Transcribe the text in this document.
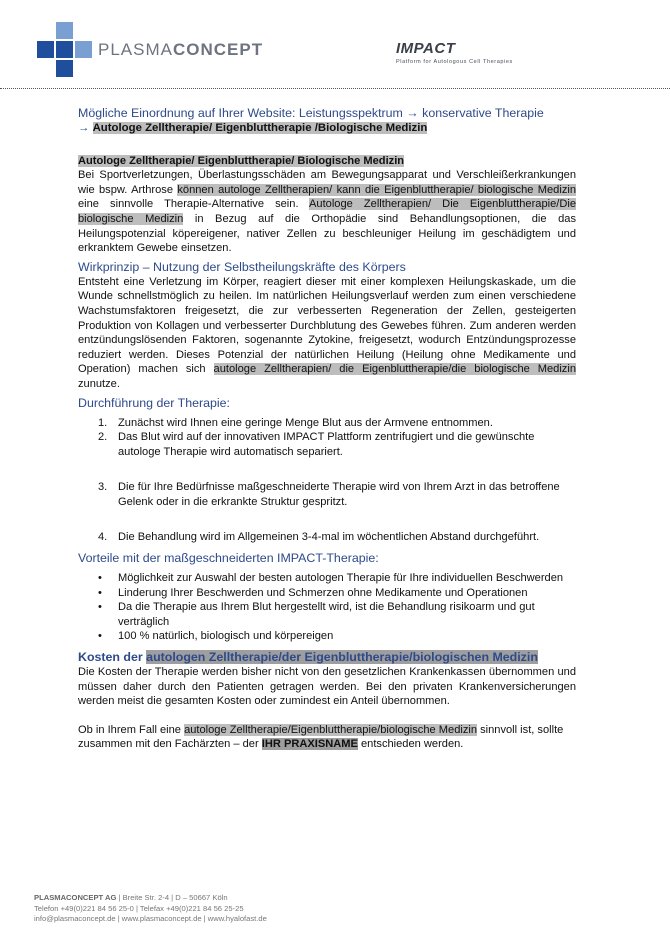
PLASMACONCEPT	IMPACT
Platform for Autologous Cell Therapies

Mögliche Einordnung auf Ihrer Website: Leistungsspektrum → konservative Therapie

→ Autologe Zelltherapie/ Eigenbluttherapie /Biologische Medizin

Autologe Zelltherapie/ Eigenbluttherapie/ Biologische Medizin

Bei Sportverletzungen, Überlastungsschäden am Bewegungsapparat und Verschleißerkrankungen wie bspw. Arthrose können autologe Zelltherapien/ kann die Eigenbluttherapie/ biologische Medizin eine sinnvolle Therapie-Alternative sein. Autologe Zelltherapien/ Die Eigenbluttherapie/Die biologische Medizin in Bezug auf die Orthopädie sind Behandlungsoptionen, die das Heilungspotenzial köpereigener, nativer Zellen zu beschleuniger Heilung im geschädigtem und erkranktem Gewebe einsetzen.

Wirkprinzip – Nutzung der Selbstheilungskräfte des Körpers

Entsteht eine Verletzung im Körper, reagiert dieser mit einer komplexen Heilungskaskade, um die Wunde schnellstmöglich zu heilen. Im natürlichen Heilungsverlauf werden zum einen verschiedene Wachstumsfaktoren freigesetzt, die zur verbesserten Regeneration der Zellen, gesteigerten Produktion von Kollagen und verbesserter Durchblutung des Gewebes führen. Zum anderen werden entzündungslösenden Faktoren, sogenannte Zytokine, freigesetzt, wodurch Entzündungsprozesse reduziert werden. Dieses Potenzial der natürlichen Heilung (Heilung ohne Medikamente und Operation) machen sich autologe Zelltherapien/ die Eigenbluttherapie/die biologische Medizin zunutze.

Durchführung der Therapie:

1. Zunächst wird Ihnen eine geringe Menge Blut aus der Armvene entnommen.
2. Das Blut wird auf der innovativen IMPACT Plattform zentrifugiert und die gewünschte autologe Therapie wird automatisch separiert.
3. Die für Ihre Bedürfnisse maßgeschneiderte Therapie wird von Ihrem Arzt in das betroffene Gelenk oder in die erkrankte Struktur gespritzt.
4. Die Behandlung wird im Allgemeinen 3-4-mal im wöchentlichen Abstand durchgeführt.

Vorteile mit der maßgeschneiderten IMPACT-Therapie:

• Möglichkeit zur Auswahl der besten autologen Therapie für Ihre individuellen Beschwerden
• Linderung Ihrer Beschwerden und Schmerzen ohne Medikamente und Operationen
• Da die Therapie aus Ihrem Blut hergestellt wird, ist die Behandlung risikoarm und gut verträglich
• 100 % natürlich, biologisch und körpereigen

Kosten der autologen Zelltherapie/der Eigenbluttherapie/biologischen Medizin

Die Kosten der Therapie werden bisher nicht von den gesetzlichen Krankenkassen übernommen und müssen daher durch den Patienten getragen werden. Bei den privaten Krankenversicherungen werden meist die gesamten Kosten oder zumindest ein Anteil übernommen.

Ob in Ihrem Fall eine autologe Zelltherapie/Eigenbluttherapie/biologische Medizin sinnvoll ist, sollte zusammen mit den Fachärzten – der IHR PRAXISNAME entschieden werden.

PLASMACONCEPT AG | Breite Str. 2-4 | D – 50667 Köln
Telefon +49(0)221 84 56 25-0 | Telefax +49(0)221 84 56 25-25
info@plasmaconcept.de | www.plasmaconcept.de | www.hyalofast.de
